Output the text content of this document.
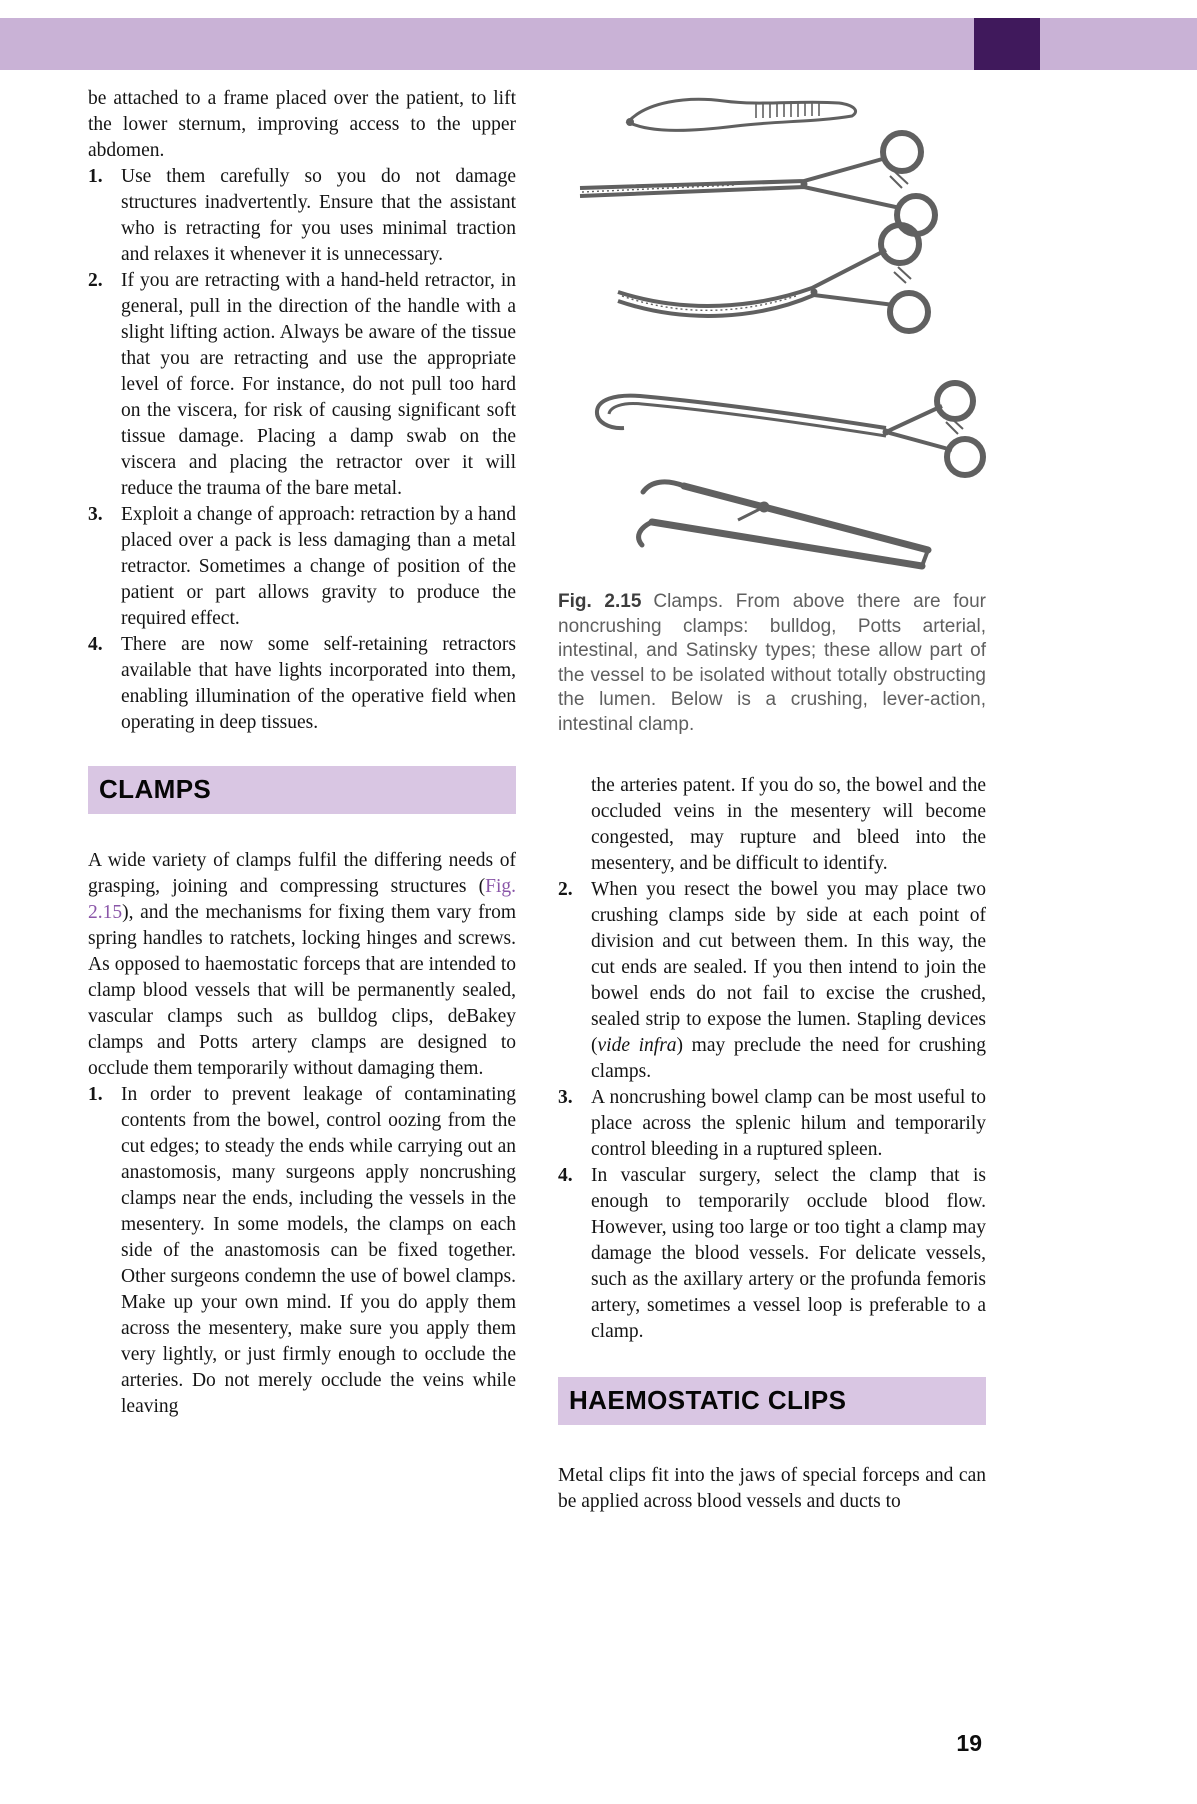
be attached to a frame placed over the patient, to lift the lower sternum, improving access to the upper abdomen.

1. Use them carefully so you do not damage structures inadvertently. Ensure that the assistant who is retracting for you uses minimal traction and relaxes it whenever it is unnecessary.
2. If you are retracting with a hand-held retractor, in general, pull in the direction of the handle with a slight lifting action. Always be aware of the tissue that you are retracting and use the appropriate level of force. For instance, do not pull too hard on the viscera, for risk of causing significant soft tissue damage. Placing a damp swab on the viscera and placing the retractor over it will reduce the trauma of the bare metal.
3. Exploit a change of approach: retraction by a hand placed over a pack is less damaging than a metal retractor. Sometimes a change of position of the patient or part allows gravity to produce the required effect.
4. There are now some self-retaining retractors available that have lights incorporated into them, enabling illumination of the operative field when operating in deep tissues.
CLAMPS

A wide variety of clamps fulfil the differing needs of grasping, joining and compressing structures (Fig. 2.15), and the mechanisms for fixing them vary from spring handles to ratchets, locking hinges and screws. As opposed to haemostatic forceps that are intended to clamp blood vessels that will be permanently sealed, vascular clamps such as bulldog clips, deBakey clamps and Potts artery clamps are designed to occlude them temporarily without damaging them.

1. In order to prevent leakage of contaminating contents from the bowel, control oozing from the cut edges; to steady the ends while carrying out an anastomosis, many surgeons apply noncrushing clamps near the ends, including the vessels in the mesentery. In some models, the clamps on each side of the anastomosis can be fixed together. Other surgeons condemn the use of bowel clamps. Make up your own mind. If you do apply them across the mesentery, make sure you apply them very lightly, or just firmly enough to occlude the arteries. Do not merely occlude the veins while leaving
Fig. 2.15 Clamps. From above there are four noncrushing clamps: bulldog, Potts arterial, intestinal, and Satinsky types; these allow part of the vessel to be isolated without totally obstructing the lumen. Below is a crushing, lever-action, intestinal clamp.

the arteries patent. If you do so, the bowel and the occluded veins in the mesentery will become congested, may rupture and bleed into the mesentery, and be difficult to identify.

2. When you resect the bowel you may place two crushing clamps side by side at each point of division and cut between them. In this way, the cut ends are sealed. If you then intend to join the bowel ends do not fail to excise the crushed, sealed strip to expose the lumen. Stapling devices (vide infra) may preclude the need for crushing clamps.
3. A noncrushing bowel clamp can be most useful to place across the splenic hilum and temporarily control bleeding in a ruptured spleen.
4. In vascular surgery, select the clamp that is enough to temporarily occlude blood flow. However, using too large or too tight a clamp may damage the blood vessels. For delicate vessels, such as the axillary artery or the profunda femoris artery, sometimes a vessel loop is preferable to a clamp.
HAEMOSTATIC CLIPS

Metal clips fit into the jaws of special forceps and can be applied across blood vessels and ducts to

19
